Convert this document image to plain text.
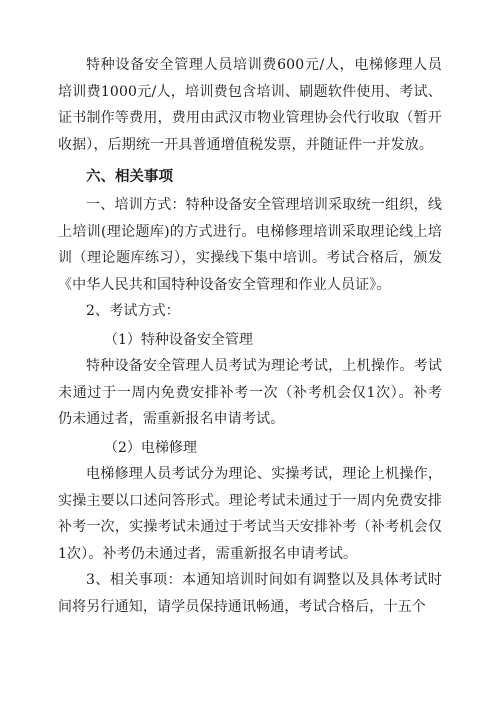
特种设备安全管理人员培训费600元/人，电梯修理人员培训费1000元/人，培训费包含培训、刷题软件使用、考试、证书制作等费用，费用由武汉市物业管理协会代行收取（暂开收据），后期统一开具普通增值税发票，并随证件一并发放。

六、相关事项

一、培训方式：特种设备安全管理培训采取统一组织，线上培训(理论题库)的方式进行。电梯修理培训采取理论线上培训（理论题库练习），实操线下集中培训。考试合格后，颁发《中华人民共和国特种设备安全管理和作业人员证》。

2、考试方式：

（1）特种设备安全管理

特种设备安全管理人员考试为理论考试，上机操作。考试未通过于一周内免费安排补考一次（补考机会仅1次）。补考仍未通过者，需重新报名申请考试。

（2）电梯修理

电梯修理人员考试分为理论、实操考试，理论上机操作，实操主要以口述问答形式。理论考试未通过于一周内免费安排补考一次，实操考试未通过于考试当天安排补考（补考机会仅1次）。补考仍未通过者，需重新报名申请考试。

3、相关事项：本通知培训时间如有调整以及具体考试时间将另行通知，请学员保持通讯畅通，考试合格后，十五个
